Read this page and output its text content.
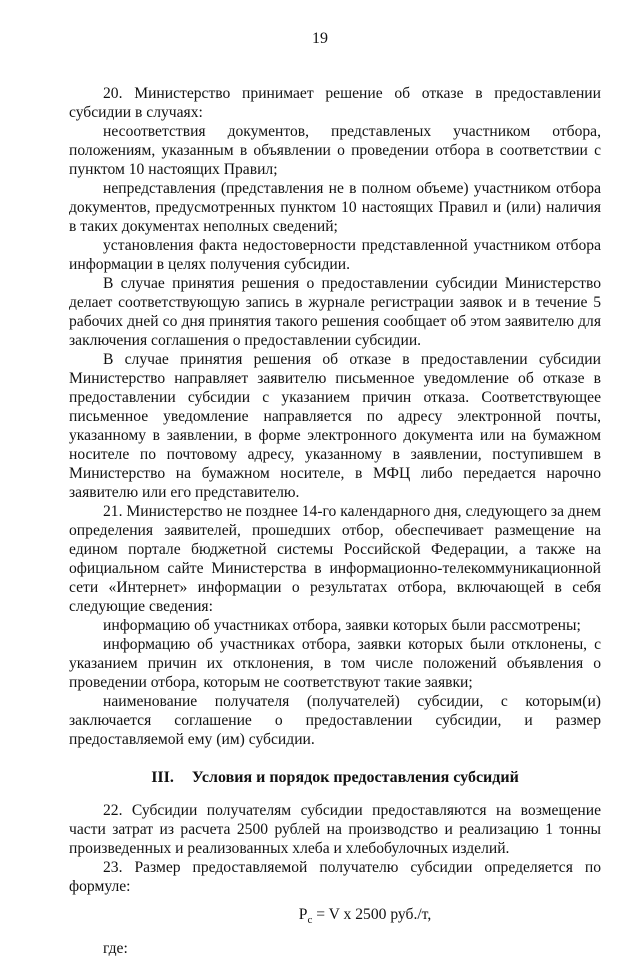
19

20. Министерство принимает решение об отказе в предоставлении субсидии в случаях:

несоответствия документов, представленых участником отбора, положениям, указанным в объявлении о проведении отбора в соответствии с пунктом 10 настоящих Правил;

непредставления (представления не в полном объеме) участником отбора документов, предусмотренных пунктом 10 настоящих Правил и (или) наличия в таких документах неполных сведений;

установления факта недостоверности представленной участником отбора информации в целях получения субсидии.

В случае принятия решения о предоставлении субсидии Министерство делает соответствующую запись в журнале регистрации заявок и в течение 5 рабочих дней со дня принятия такого решения сообщает об этом заявителю для заключения соглашения о предоставлении субсидии.

В случае принятия решения об отказе в предоставлении субсидии Министерство направляет заявителю письменное уведомление об отказе в предоставлении субсидии с указанием причин отказа. Соответствующее письменное уведомление направляется по адресу электронной почты, указанному в заявлении, в форме электронного документа или на бумажном носителе по почтовому адресу, указанному в заявлении, поступившем в Министерство на бумажном носителе, в МФЦ либо передается нарочно заявителю или его представителю.

21. Министерство не позднее 14-го календарного дня, следующего за днем определения заявителей, прошедших отбор, обеспечивает размещение на едином портале бюджетной системы Российской Федерации, а также на официальном сайте Министерства в информационно-телекоммуникационной сети «Интернет» информации о результатах отбора, включающей в себя следующие сведения:

информацию об участниках отбора, заявки которых были рассмотрены;

информацию об участниках отбора, заявки которых были отклонены, с указанием причин их отклонения, в том числе положений объявления о проведении отбора, которым не соответствуют такие заявки;

наименование получателя (получателей) субсидии, с которым(и) заключается соглашение о предоставлении субсидии, и размер предоставляемой ему (им) субсидии.

III. Условия и порядок предоставления субсидий

22. Субсидии получателям субсидии предоставляются на возмещение части затрат из расчета 2500 рублей на производство и реализацию 1 тонны произведенных и реализованных хлеба и хлебобулочных изделий.

23. Размер предоставляемой получателю субсидии определяется по формуле:

$Р_c = V$ x 2500 руб./т,

где:
